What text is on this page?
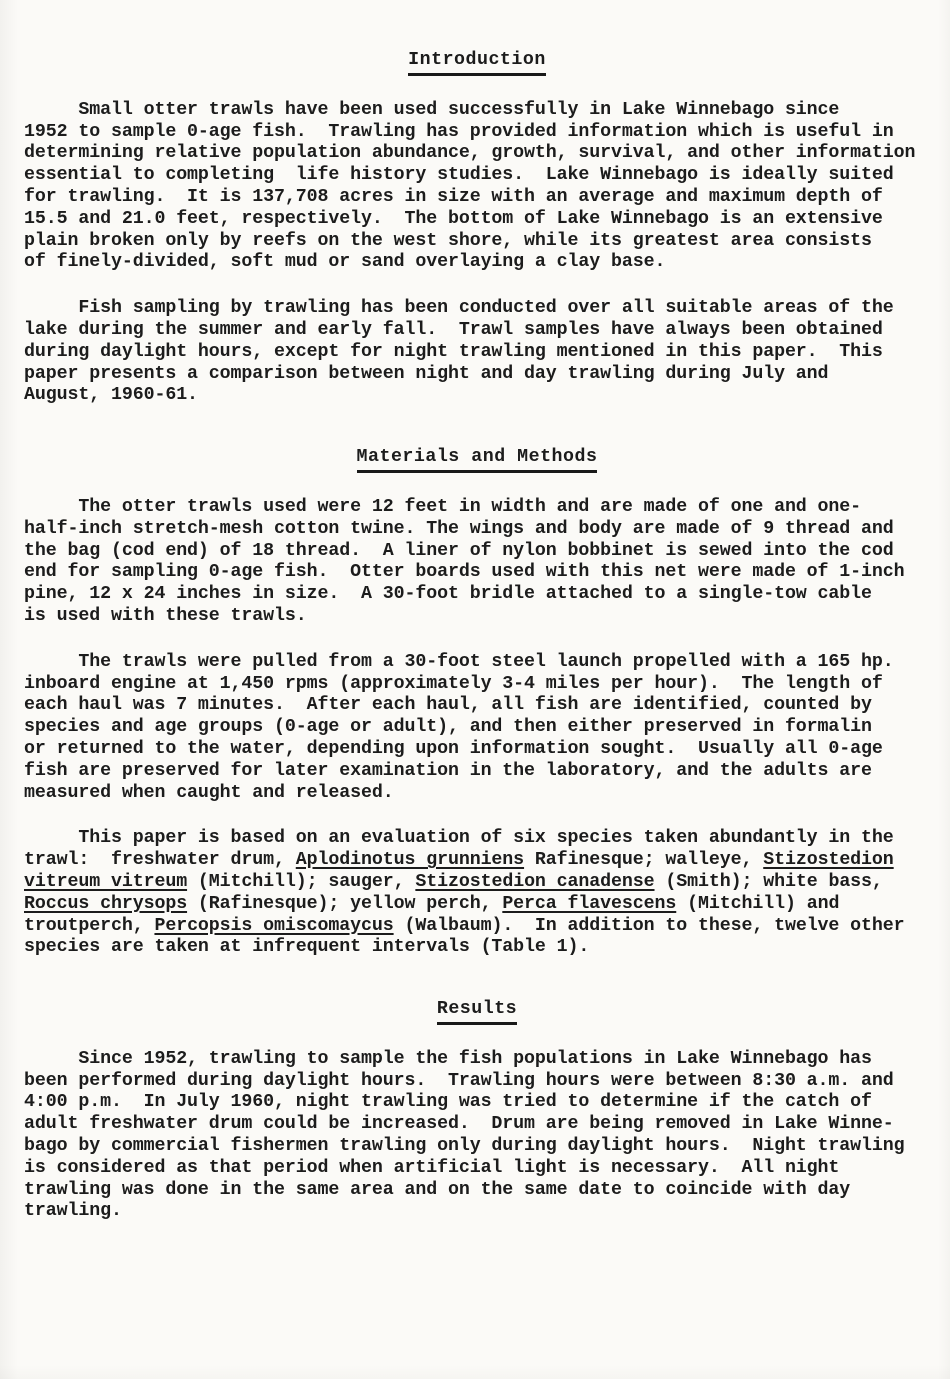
Introduction
Small otter trawls have been used successfully in Lake Winnebago since
1952 to sample 0-age fish.  Trawling has provided information which is useful in
determining relative population abundance, growth, survival, and other information
essential to completing  life history studies.  Lake Winnebago is ideally suited
for trawling.  It is 137,708 acres in size with an average and maximum depth of
15.5 and 21.0 feet, respectively.  The bottom of Lake Winnebago is an extensive
plain broken only by reefs on the west shore, while its greatest area consists
of finely-divided, soft mud or sand overlaying a clay base.
Fish sampling by trawling has been conducted over all suitable areas of the
lake during the summer and early fall.  Trawl samples have always been obtained
during daylight hours, except for night trawling mentioned in this paper.  This
paper presents a comparison between night and day trawling during July and
August, 1960-61.
Materials and Methods
The otter trawls used were 12 feet in width and are made of one and one-
half-inch stretch-mesh cotton twine. The wings and body are made of 9 thread and
the bag (cod end) of 18 thread.  A liner of nylon bobbinet is sewed into the cod
end for sampling 0-age fish.  Otter boards used with this net were made of 1-inch
pine, 12 x 24 inches in size.  A 30-foot bridle attached to a single-tow cable
is used with these trawls.
The trawls were pulled from a 30-foot steel launch propelled with a 165 hp.
inboard engine at 1,450 rpms (approximately 3-4 miles per hour).  The length of
each haul was 7 minutes.  After each haul, all fish are identified, counted by
species and age groups (0-age or adult), and then either preserved in formalin
or returned to the water, depending upon information sought.  Usually all 0-age
fish are preserved for later examination in the laboratory, and the adults are
measured when caught and released.
This paper is based on an evaluation of six species taken abundantly in the
trawl:  freshwater drum, Aplodinotus grunniens Rafinesque; walleye, Stizostedion
vitreum vitreum (Mitchill); sauger, Stizostedion canadense (Smith); white bass,
Roccus chrysops (Rafinesque); yellow perch, Perca flavescens (Mitchill) and
troutperch, Percopsis omiscomaycus (Walbaum).  In addition to these, twelve other
species are taken at infrequent intervals (Table 1).
Results
Since 1952, trawling to sample the fish populations in Lake Winnebago has
been performed during daylight hours.  Trawling hours were between 8:30 a.m. and
4:00 p.m.  In July 1960, night trawling was tried to determine if the catch of
adult freshwater drum could be increased.  Drum are being removed in Lake Winne-
bago by commercial fishermen trawling only during daylight hours.  Night trawling
is considered as that period when artificial light is necessary.  All night
trawling was done in the same area and on the same date to coincide with day
trawling.
